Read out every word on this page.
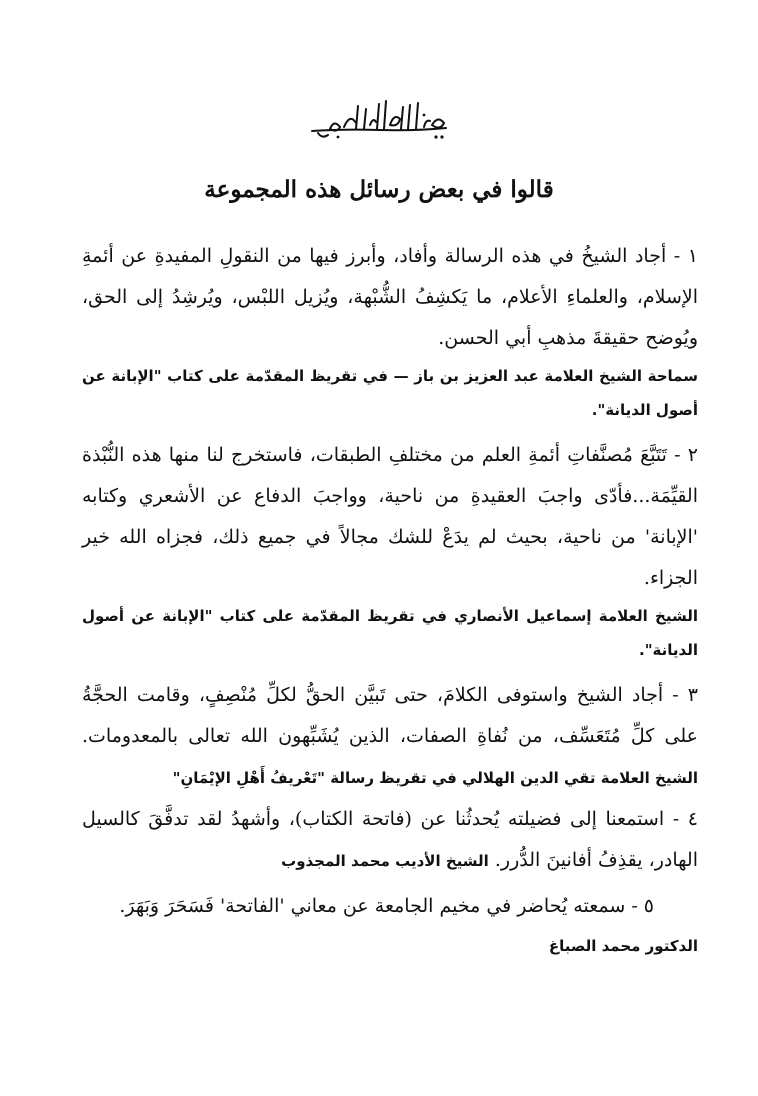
بسم الله الرحمن الرحيم
قالوا في بعض رسائل هذه المجموعة

١ - أجاد الشيخُ في هذه الرسالة وأفاد، وأبرز فيها من النقولِ المفيدةِ عن أئمةِ الإسلام، والعلماءِ الأعلام، ما يَكشِفُ الشُّبْهة، ويُزيل اللبْس، ويُرشِدُ إلى الحق، ويُوضح حقيقةَ مذهبِ أبي الحسن.

سماحة الشيخ العلامة عبد العزيز بن باز — في تقريظ المقدّمة على كتاب "الإبانة عن أصول الديانة".

٢ - تَتَبَّعَ مُصنَّفاتِ أئمةِ العلم من مختلفِ الطبقات، فاستخرج لنا منها هذه النُّبْذة القيِّمَة...فأدّى واجبَ العقيدةِ من ناحية، وواجبَ الدفاع عن الأشعري وكتابه 'الإبانة' من ناحية، بحيث لم يدَعْ للشك مجالاً في جميع ذلك، فجزاه الله خير الجزاء.

الشيخ العلامة إسماعيل الأنصاري في تقريظ المقدّمة على كتاب "الإبانة عن أصول الديانة".

٣ - أجاد الشيخ واستوفى الكلامَ، حتى تَبيَّن الحقُّ لكلِّ مُنْصِفٍ، وقامت الحجَّةُ على كلِّ مُتَعَسِّف، من نُفاةِ الصفات، الذين يُشَبِّهون الله تعالى بالمعدومات. الشيخ العلامة تقي الدين الهلالي في تقريظ رسالة "تَعْريفُ أَهْلِ الإيْمَانِ"

٤ - استمعنا إلى فضيلته يُحدثُنا عن (فاتحة الكتاب)، وأشهدُ لقد تدفَّقَ كالسيل الهادر، يقذِفُ أفانينَ الدُّرر. الشيخ الأديب محمد المجذوب

٥ - سمعته يُحاضر في مخيم الجامعة عن معاني 'الفاتحة' فَسَحَرَ وَبَهَرَ.

الدكتور محمد الصباغ
